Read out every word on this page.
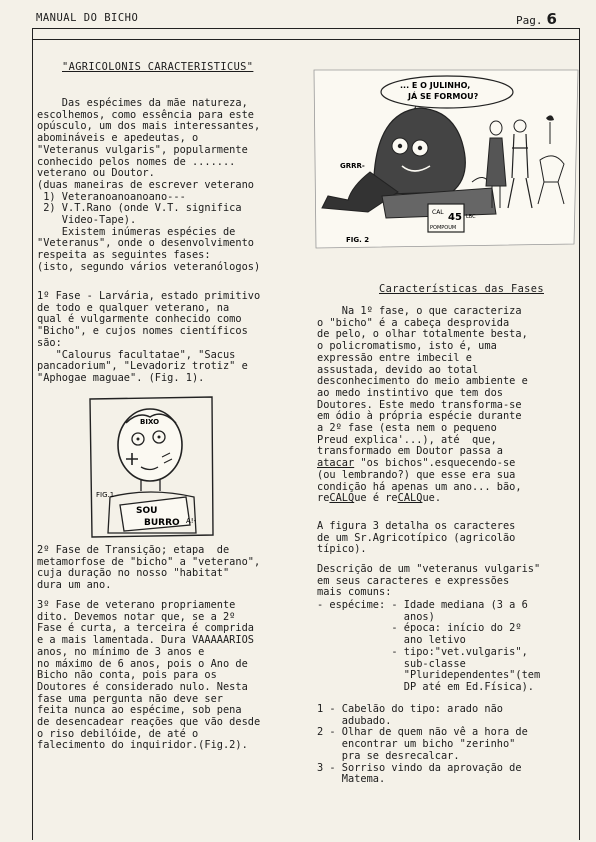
MANUAL DO BICHO	Pag. 6
"AGRICOLONIS CARACTERISTICUS"
Das espécimes da mãe natureza,
escolhemos, como essência para este
opúsculo, um dos mais interessantes,
abomináveis e apedeutas, o
"Veteranus vulgaris", popularmente
conhecido pelos nomes de .......
veterano ou Doutor.
(duas maneiras de escrever veterano
1) Veteranoanoanoano---
2) V.T.Rano (onde V.T. significa
Video-Tape).
Existem inúmeras espécies de
"Veteranus", onde o desenvolvimento
respeita as seguintes fases:
(isto, segundo vários veteranólogos)
1º Fase - Larvária, estado primitivo
de todo e qualquer veterano, na
qual é vulgarmente conhecido como
"Bicho", e cujos nomes científicos
são:
"Calourus facultatae", "Sacus
pancadorium", "Levadoriz trotiz" e
"Aphogae maguae". (Fig. 1).
BIXO
SOU
BURRO
FIG.1
A!-
2º Fase de Transição; etapa  de
metamorfose de "bicho" a "veterano",
cuja duração no nosso "habitat"
dura um ano.
3º Fase de veterano propriamente
dito. Devemos notar que, se a 2º
Fase é curta, a terceira é comprida
e a mais lamentada. Dura VAAAAARIOS
anos, no mínimo de 3 anos e
no máximo de 6 anos, pois o Ano de
Bicho não conta, pois para os
Doutores é considerado nulo. Nesta
fase uma pergunta não deve ser
feita nunca ao espécime, sob pena
de desencadear reações que vão desde
o riso debilóide, de até o
falecimento do inquiridor.(Fig.2).
... E O JULINHO,
JÁ SE FORMOU?
GRRR-
CAL 45
POMPOUM
LBC
FIG. 2
Características das Fases
Na 1º fase, o que caracteriza
o "bicho" é a cabeça desprovida
de pelo, o olhar totalmente besta,
o policromatismo, isto é, uma
expressão entre imbecil e
assustada, devido ao total
desconhecimento do meio ambiente e
ao medo instintivo que tem dos
Doutores. Este medo transforma-se
em ódio à própria espécie durante
a 2º fase (esta nem o pequeno
Preud explica'...), até  que,
transformado em Doutor passa a
atacar "os bichos".esquecendo-se
(ou lembrando?) que esse era sua
condição há apenas um ano... bão,
reCALQue é reCALQue.
A figura 3 detalha os caracteres
de um Sr.Agricotípico (agricolão
típico).
Descrição de um "veteranus vulgaris"
em seus caracteres e expressões
mais comuns:
- espécime: - Idade mediana (3 a 6
anos)
- época: início do 2º
ano letivo
- tipo:"vet.vulgaris",
sub-classe
"Pluridependentes"(tem
DP até em Ed.Física).
1 - Cabelão do tipo: arado não
adubado.
2 - Olhar de quem não vê a hora de
encontrar um bicho "zerinho"
pra se desrecalcar.
3 - Sorriso vindo da aprovação de
Matema.
